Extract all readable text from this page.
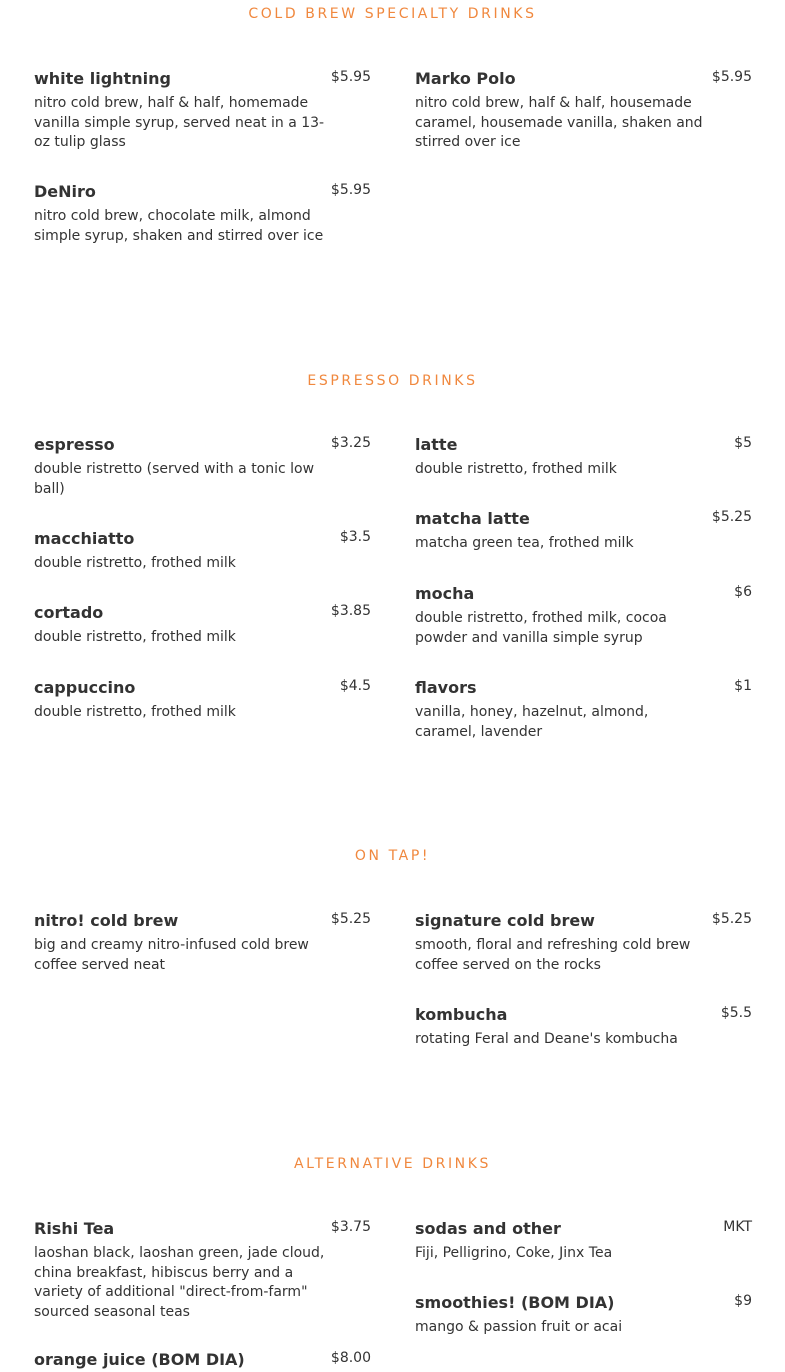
COLD BREW SPECIALTY DRINKS
white lightning	$5.95
nitro cold brew, half & half, homemade vanilla simple syrup, served neat in a 13-oz tulip glass
Marko Polo	$5.95
nitro cold brew, half & half, housemade caramel, housemade vanilla, shaken and stirred over ice
DeNiro	$5.95
nitro cold brew, chocolate milk, almond simple syrup, shaken and stirred over ice
ESPRESSO DRINKS
espresso	$3.25
double ristretto (served with a tonic low ball)
latte	$5
double ristretto, frothed milk
macchiatto	$3.5
double ristretto, frothed milk
matcha latte	$5.25
matcha green tea, frothed milk
cortado	$3.85
double ristretto, frothed milk
mocha	$6
double ristretto, frothed milk, cocoa powder and vanilla simple syrup
cappuccino	$4.5
double ristretto, frothed milk
flavors	$1
vanilla, honey, hazelnut, almond, caramel, lavender
ON TAP!
nitro! cold brew	$5.25
big and creamy nitro-infused cold brew coffee served neat
signature cold brew	$5.25
smooth, floral and refreshing cold brew coffee served on the rocks
kombucha	$5.5
rotating Feral and Deane's kombucha
ALTERNATIVE DRINKS
Rishi Tea	$3.75
laoshan black, laoshan green, jade cloud, china breakfast, hibiscus berry and a variety of additional "direct-from-farm" sourced seasonal teas
sodas and other	MKT
Fiji, Pelligrino, Coke, Jinx Tea
smoothies! (BOM DIA)	$9
mango & passion fruit or acai
orange juice (BOM DIA)	$8.00
